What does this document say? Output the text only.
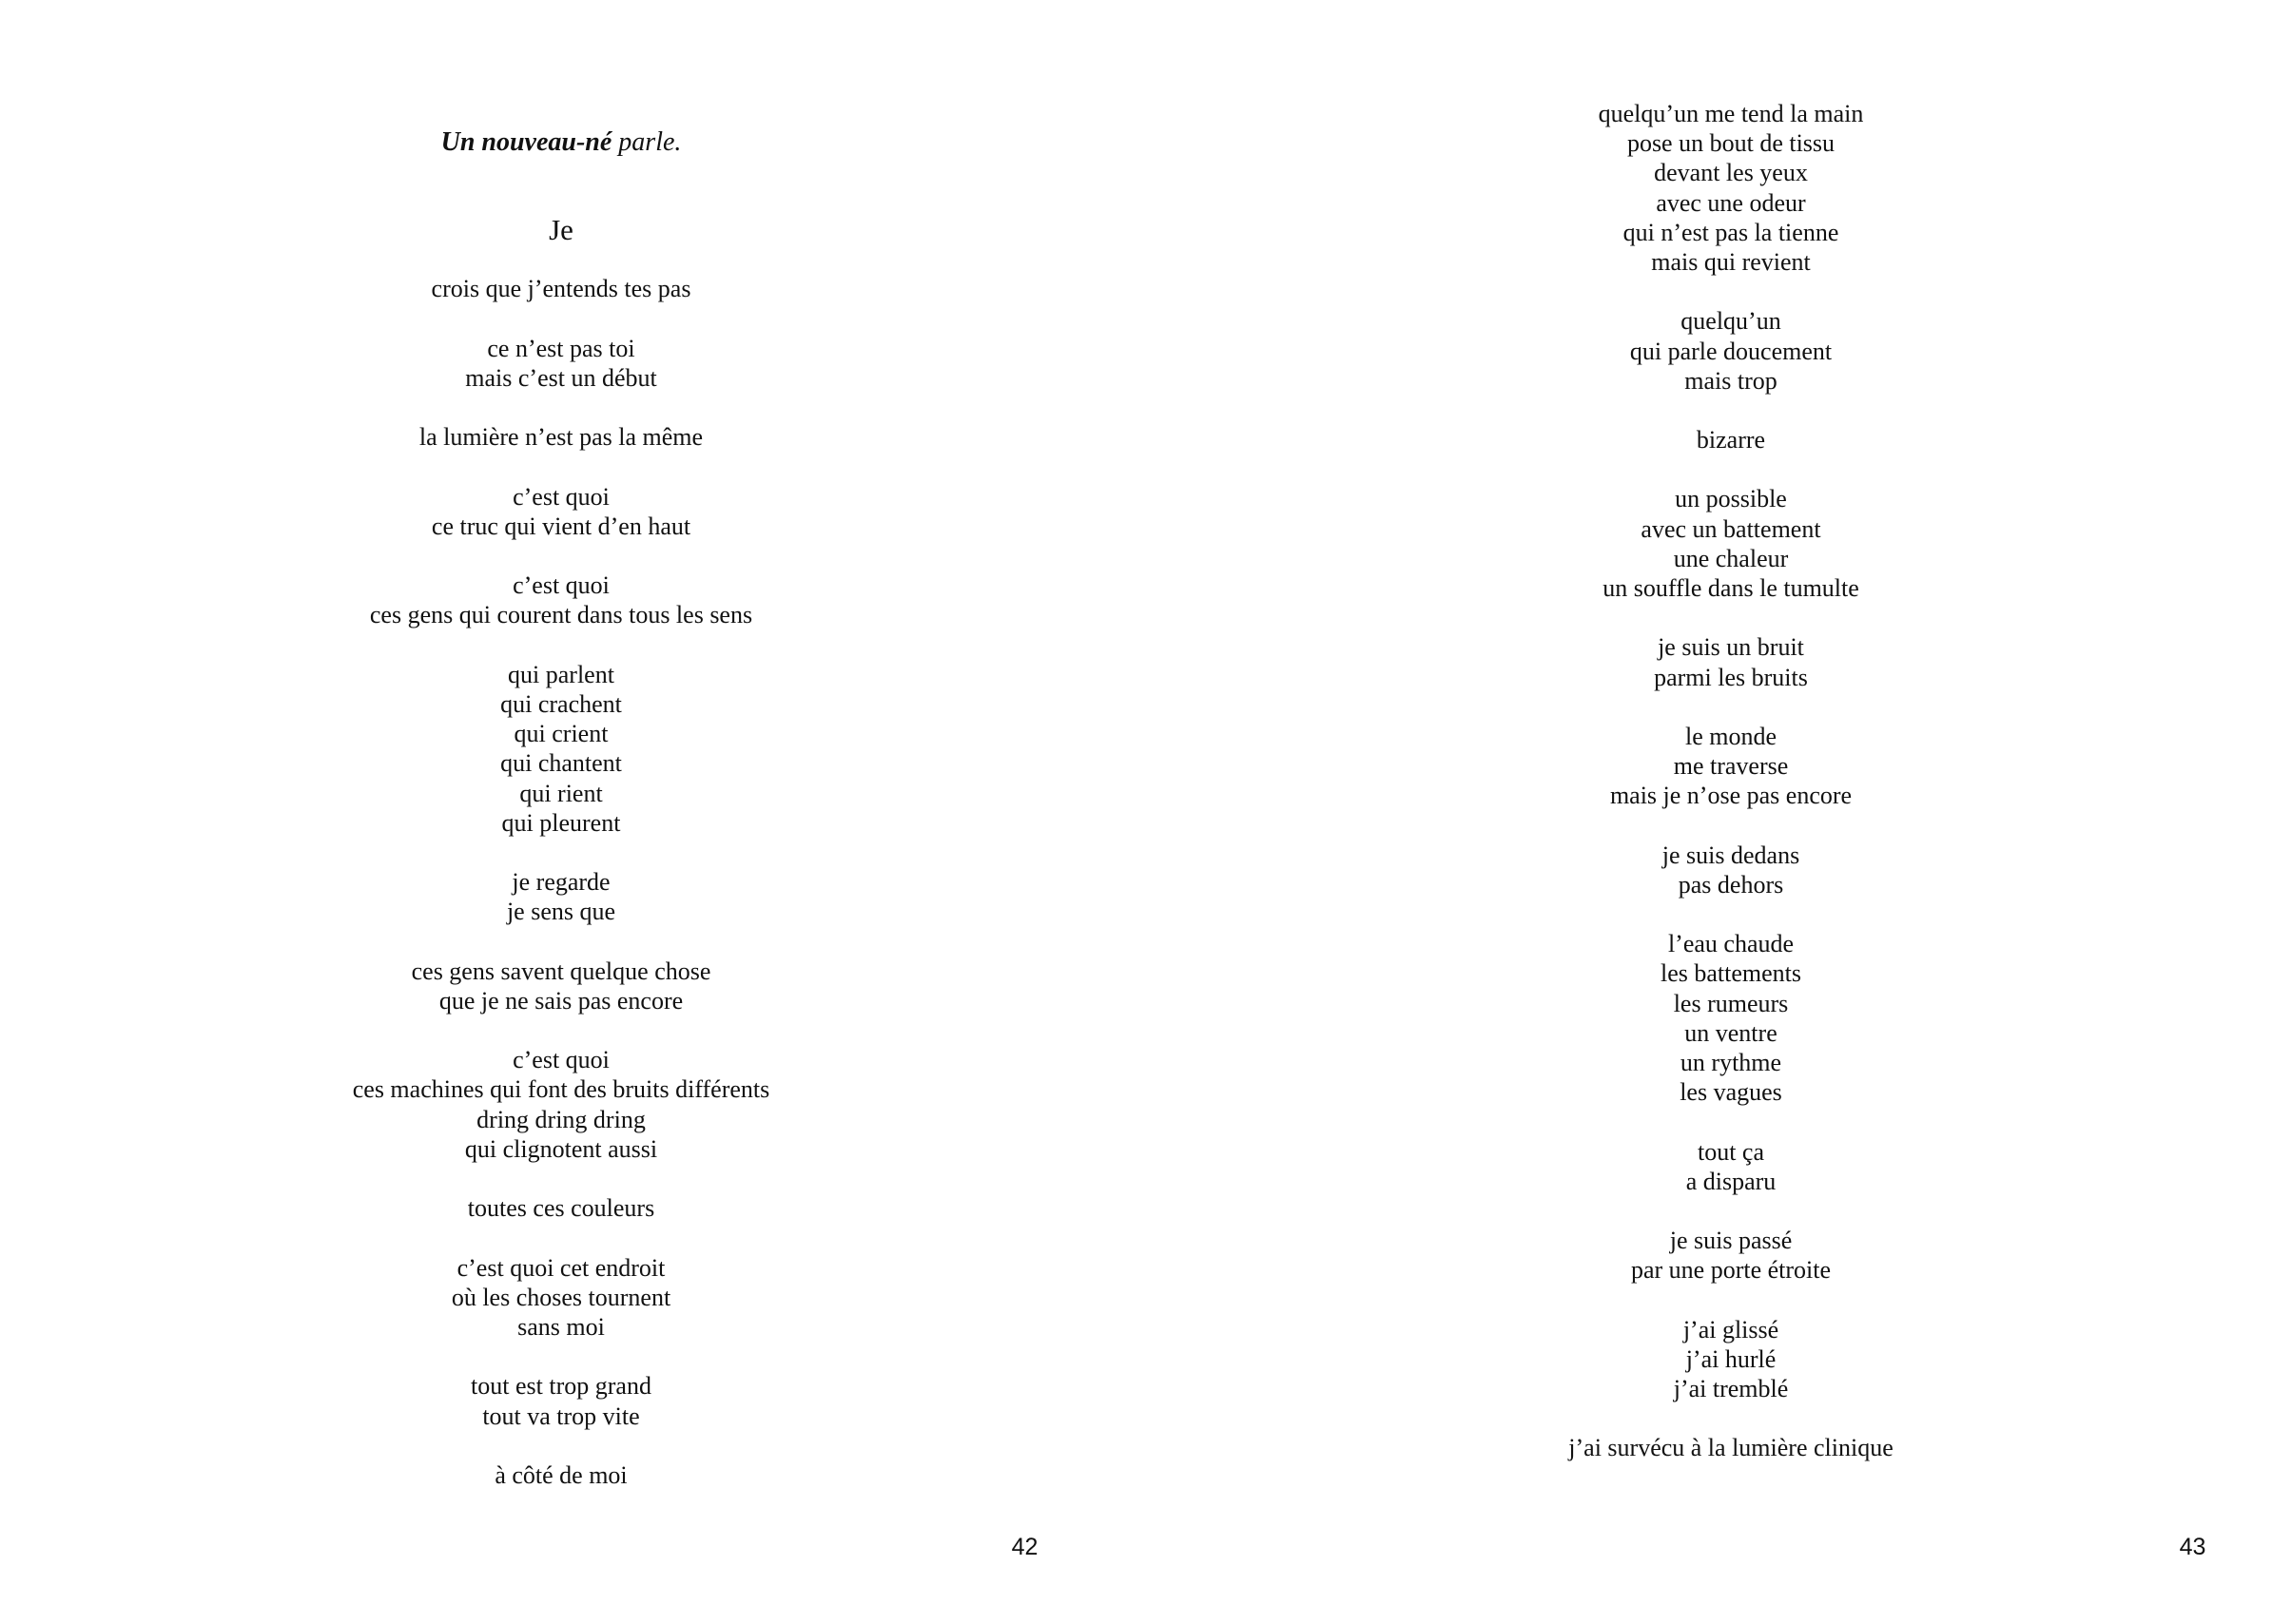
Un nouveau-né parle.
Je
crois que j’entends tes pas
ce n’est pas toi
mais c’est un début
la lumière n’est pas la même
c’est quoi
ce truc qui vient d’en haut
c’est quoi
ces gens qui courent dans tous les sens
qui parlent
qui crachent
qui crient
qui chantent
qui rient
qui pleurent
je regarde
je sens que
ces gens savent quelque chose
que je ne sais pas encore
c’est quoi
ces machines qui font des bruits différents
dring dring dring
qui clignotent aussi
toutes ces couleurs
c’est quoi cet endroit
où les choses tournent
sans moi
tout est trop grand
tout va trop vite
à côté de moi
42
quelqu’un me tend la main
pose un bout de tissu
devant les yeux
avec une odeur
qui n’est pas la tienne
mais qui revient
quelqu’un
qui parle doucement
mais trop
bizarre
un possible
avec un battement
une chaleur
un souffle dans le tumulte
je suis un bruit
parmi les bruits
le monde
me traverse
mais je n’ose pas encore
je suis dedans
pas dehors
l’eau chaude
les battements
les rumeurs
un ventre
un rythme
les vagues
tout ça
a disparu
je suis passé
par une porte étroite
j’ai glissé
j’ai hurlé
j’ai tremblé
j’ai survécu à la lumière clinique
43
